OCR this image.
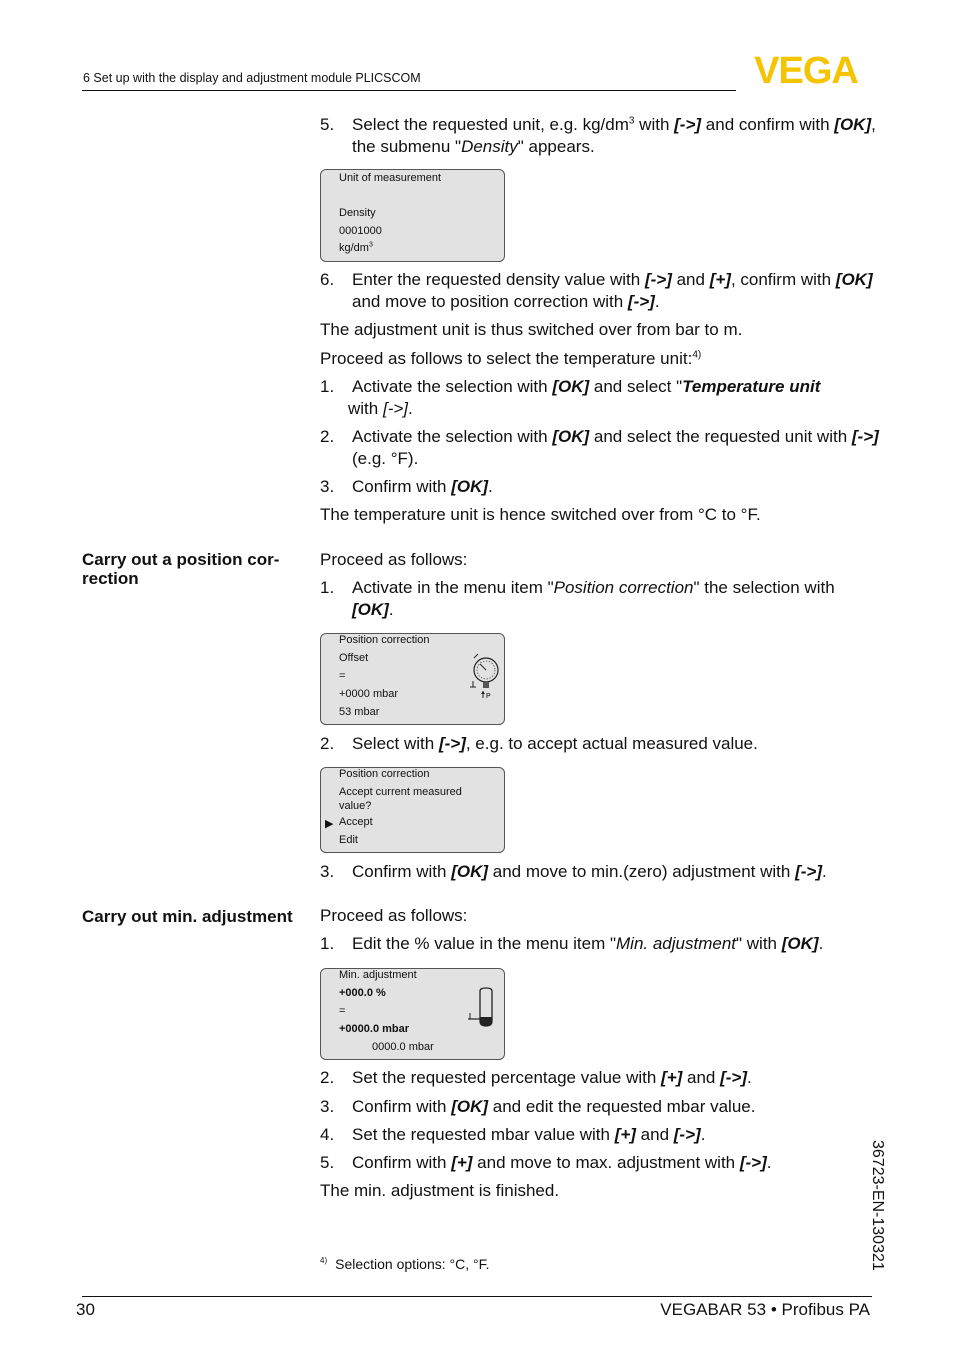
6 Set up with the display and adjustment module PLICSCOM	VEGA
5. Select the requested unit, e.g. $kg/dm^3$ with [->] and confirm with [OK], the submenu "Density" appears.
Unit of measurement
Density
0001000
$kg/dm^3$
6. Enter the requested density value with [->] and [+], confirm with [OK] and move to position correction with [->].
The adjustment unit is thus switched over from bar to m.
Proceed as follows to select the temperature unit:$^{4)}$
1. Activate the selection with [OK] and select "Temperature unit
with [->].
2. Activate the selection with [OK] and select the requested unit with [->] (e.g. °F).
3. Confirm with [OK].
The temperature unit is hence switched over from °C to °F.
Carry out a position cor-
rection
Proceed as follows:
1. Activate in the menu item "Position correction" the selection with [OK].
Position correction
Offset
=
+0000 mbar
53 mbar
P
2. Select with [->], e.g. to accept actual measured value.
Position correction
Accept current measured
value?
▶ Accept
Edit
3. Confirm with [OK] and move to min.(zero) adjustment with [->].
Carry out min. adjustment	Proceed as follows:
1. Edit the % value in the menu item "Min. adjustment" with [OK].
Min. adjustment
+000.0 %
=
+0000.0 mbar
0000.0 mbar
2. Set the requested percentage value with [+] and [->].
3. Confirm with [OK] and edit the requested mbar value.
4. Set the requested mbar value with [+] and [->].
5. Confirm with [+] and move to max. adjustment with [->].
The min. adjustment is finished.	36723-EN-130321
$^{4)}$ Selection options: °C, °F.
30	VEGABAR 53 • Profibus PA
